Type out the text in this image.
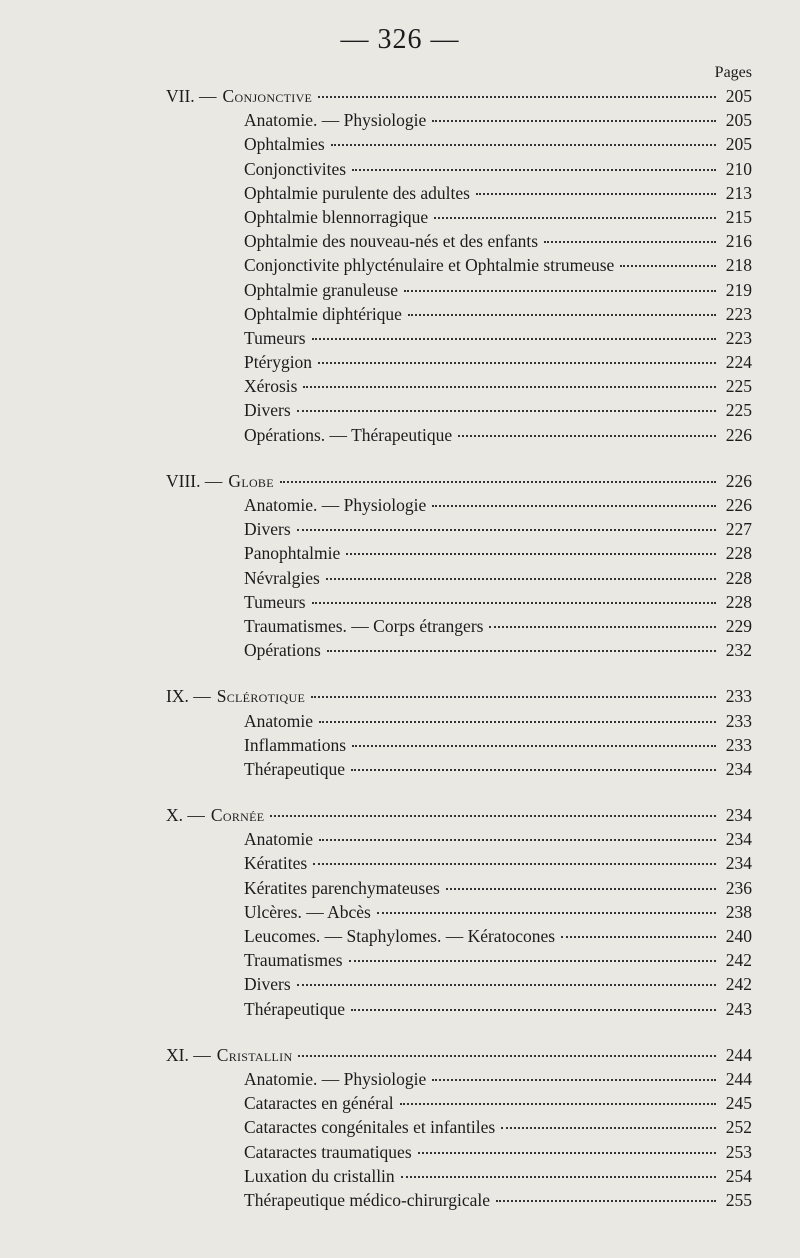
— 326 —
Pages
VII. — Conjonctive	205
Anatomie. — Physiologie	205
Ophtalmies	205
Conjonctivites	210
Ophtalmie purulente des adultes	213
Ophtalmie blennorragique	215
Ophtalmie des nouveau-nés et des enfants	216
Conjonctivite phlycténulaire et Ophtalmie strumeuse	218
Ophtalmie granuleuse	219
Ophtalmie diphtérique	223
Tumeurs	223
Ptérygion	224
Xérosis	225
Divers	225
Opérations. — Thérapeutique	226
VIII. — Globe	226
Anatomie. — Physiologie	226
Divers	227
Panophtalmie	228
Névralgies	228
Tumeurs	228
Traumatismes. — Corps étrangers	229
Opérations	232
IX. — Sclérotique	233
Anatomie	233
Inflammations	233
Thérapeutique	234
X. — Cornée	234
Anatomie	234
Kératites	234
Kératites parenchymateuses	236
Ulcères. — Abcès	238
Leucomes. — Staphylomes. — Kératocones	240
Traumatismes	242
Divers	242
Thérapeutique	243
XI. — Cristallin	244
Anatomie. — Physiologie	244
Cataractes en général	245
Cataractes congénitales et infantiles	252
Cataractes traumatiques	253
Luxation du cristallin	254
Thérapeutique médico-chirurgicale	255
